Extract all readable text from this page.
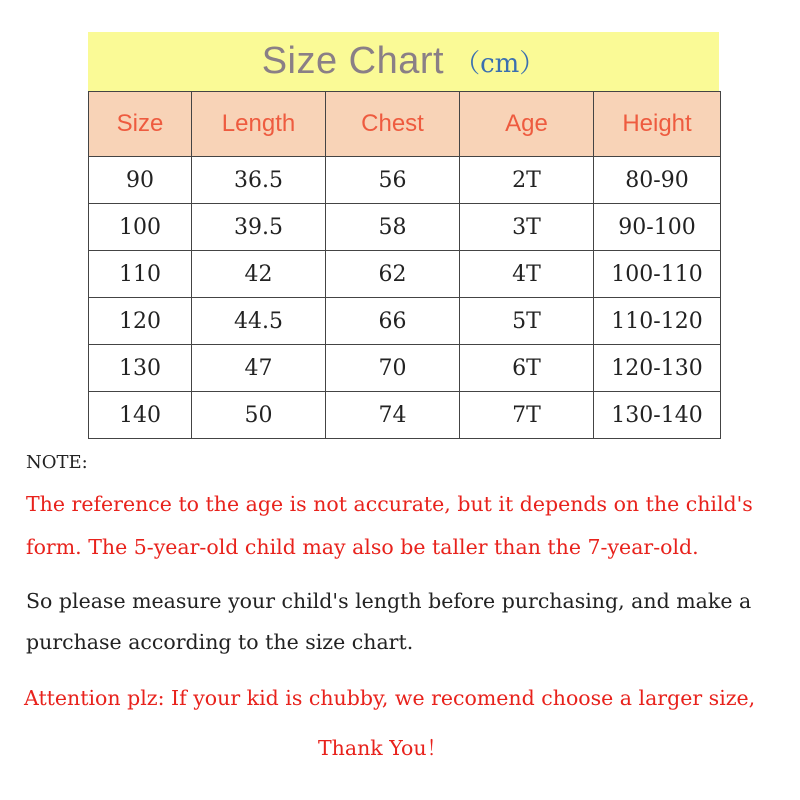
Size Chart （cm）
Size	Length	Chest	Age	Height
90	36.5	56	2T	80-90
100	39.5	58	3T	90-100
110	42	62	4T	100-110
120	44.5	66	5T	110-120
130	47	70	6T	120-130
140	50	74	7T	130-140
NOTE:
The reference to the age is not accurate, but it depends on the child's
form. The 5-year-old child may also be taller than the 7-year-old.
So please measure your child's length before purchasing, and make a
purchase according to the size chart.
Attention plz: If your kid is chubby, we recomend choose a larger size,
Thank You！
